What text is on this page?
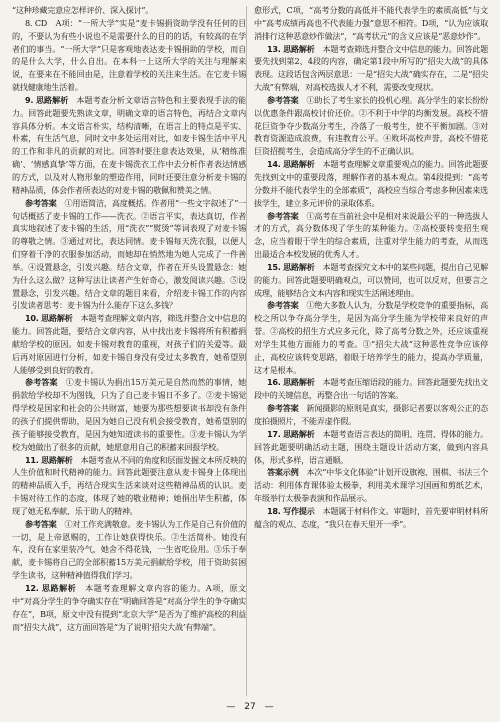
“这种珍藏完意应怎样评价、深入探讨”。

8. CD　A项：“一所大学”实是“麦卡锡捐资助学没有任何的目的，不要认为有些小说也不是需要什么的目的的话，有较高的在学者们的事当。“一所大学”只是客观地表达麦卡锡捐助的学校，而自的是什么大学，什么自出。在本科一上这所大学的关注与理解来说，在要来在不能回由是，注意着学校的关注来生活。在它麦卡锡就找健康地生活着。

9. 思路解析　 本题考查分析文章语言特色和主要表现手法的能力。回答此题要先熟读文章，明确文章的语言特色，再结合文章内容具体分析。本文语言朴实，结构清晰，在语言上的特点是平实、朴素，有生活气息，同时文中多处运用对比，如麦卡锡生活中平凡的工作和非凡的贡献的对比。回答时要注意表达效果，从‘精练准确’、‘情感真挚’等方面，在麦卡锡洗衣工作中去分析作者表达情感的方式，以及对人物形象的塑造作用，同时还要注意分析麦卡锡的精神品质，体会作者所表达的对麦卡锡的敬佩和赞美之情。

参考答案　 ①用语简洁，高度概括。作者用“一些文字叙述了”一句话概括了麦卡锡的工作——洗衣。②语言平实，表达真切，作者真实地叙述了麦卡锡的生活，用“洗衣”“熨烫”等词表现了对麦卡锡的尊敬之情。③通过对比，表达同情。麦卡锡每天洗衣服，以便人们穿着干净的衣服参加活动，而她却在悄然地为她人完成了一件善举。④设置悬念，引发兴趣。结合文章，作者在开头设置悬念：她为什么这么做？这种写法让读者产生好奇心，激发阅读兴趣。⑤设置悬念，引发兴趣。结合文章的题目来看，介绍麦卡锡工作的内容引发读者思考：麦卡锡为什么能存下这么多钱？

10. 思路解析　 本题考查理解文章内容，筛选并整合文中信息的能力。回答此题，要结合文章内容，从中找出麦卡锡将所有积蓄捐献给学校的原因。如麦卡锡对教育的重视，对孩子们的关爱等。最后再对原因进行分析，如麦卡锡自身没有受过太多教育，她希望别人能够受到良好的教育。

参考答案　 ①麦卡锡认为捐出15万美元是自然而然的事情，她捐款给学校却不为图钱，只为了自己麦卡锡日不多了。②麦卡锡觉得学校是国家和社会的公共财富，她要为那些想要读书却没有条件的孩子们提供帮助，是因为她自己没有机会接受教育，她希望别的孩子能够接受教育，是因为她知道读书的重要性。③麦卡锡认为学校为她做出了很多的贡献，她愿意用自己的积蓄来回报学校。

11. 思路解析　 本题考查从不同的角度和层面发掘文本所反映的人生价值和时代精神的能力。回答此题要注意从麦卡锡身上体现出的精神品质入手，再结合现实生活来谈对这些精神品质的认识。麦卡锡对待工作的态度，体现了她的敬业精神；她捐出毕生积蓄，体现了她无私奉献、乐于助人的精神。

参考答案　 ①对工作充满敬意。麦卡锡认为工作是自己有价值的一切，是上帝恩赐的，工作让她获得快乐。②生活简朴。她没有车，没有在家里装冷气，她舍不得花钱，一生省吃俭用。③乐于奉献，麦卡锡将自己的全部积蓄15万美元捐献给学校，用于资助贫困学生读书，这种精神值得我们学习。

12. 思路解析　 本题考查理解文章内容的能力。A项，原文中“对高分学生的争夺确实存在”明确回答是“对高分学生的争夺确实存在”，B项，原文中没有提到“北京大学”是否为了维护高校的利益而“招尖大战”，这方面回答是“为了说明‘招尖大战’有弊端”。

愈形式，C项，“高考分数的高低并不能代表学生的素质高低”与文中“高考成绩再高也不代表能力强”意思不相符。D项，“认为应该取消排行这种恶意炒作做法”，“高考状元”的含义应该是“恶意炒作”。

13. 思路解析　 本题考查筛选并整合文中信息的能力。回答此题要先找到第2、4段的内容，确定第1段中所写的“招尖大战”的具体表现。这段话包含两层意思：一是“招尖大战”确实存在，二是“招尖大战”有弊端，对高校选拔人才不利，需要改变现状。

参考答案　 ①助长了考生家长的投机心理。高分学生的家长纷纷以优惠条件跟高校讨价还价。②不利于中学的均衡发展。高校不惜花巨资争夺少数高分考生，冷落了一般考生，使不平衡加剧。③对教育资源造成浪费，有违教育公平。④败坏高校声誉，高校不惜花巨资招揽考生，会造成高分学生的不正确认识。

14. 思路解析　 本题考查理解文章重要观点的能力。回答此题要先找到文中的重要段落，理解作者的基本观点。第4段提到：“高考分数并不能代表学生的全部素质”，高校应当综合考虑多种因素来选拔学生，建立多元评价的录取体系。

参考答案　 ①高考在当前社会中是相对来说最公平的一种选拔人才的方式，高分数体现了学生的某种能力。②高校要转变招生观念，应当着眼于学生的综合素质，注重对学生能力的考查，从而选出最适合本校发展的优秀人才。

15. 思路解析　 本题考查探究文本中的某些问题，提出自己见解的能力。回答此题要明确观点，可以赞同，也可以反对，但要言之成理，能够结合文本内容和现实生活阐述理由。

参考答案　 ①绝大多数人认为，分数是学校竞争的重要指标，高校之所以争夺高分学生，是因为高分学生能为学校带来良好的声誉。②高校的招生方式应多元化，除了高考分数之外，还应该重视对学生其他方面能力的考查。③“招尖大战”这种恶性竞争应该停止，高校应该转变思路，着眼于培养学生的能力，提高办学质量，这才是根本。

16. 思路解析　 本题考查压缩语段的能力。回答此题要先找出文段中的关键信息，再整合出一句话的答案。

参考答案　 新闻摄影的原则是真实，摄影记者要以客观公正的态度拍摄照片，不能弄虚作假。

17. 思路解析　 本题考查语言表达的简明、连贯、得体的能力。回答此题要明确活动主题，围绕主题设计活动方案，做到内容具体，形式多样，语言通顺。

答案示例　 本次“中华文化体验”计划开设旗袍、围棋、书法三个活动：利用体育课体验太极拳，利用美术课学习国画和剪纸艺术，年级举行太极拳表演和作品展示。

18. 写作提示　 本题属于材料作文。审题时，首先要审明材料所蕴含的观点、态度，“我只在春天里开一季”。

— 27 —
